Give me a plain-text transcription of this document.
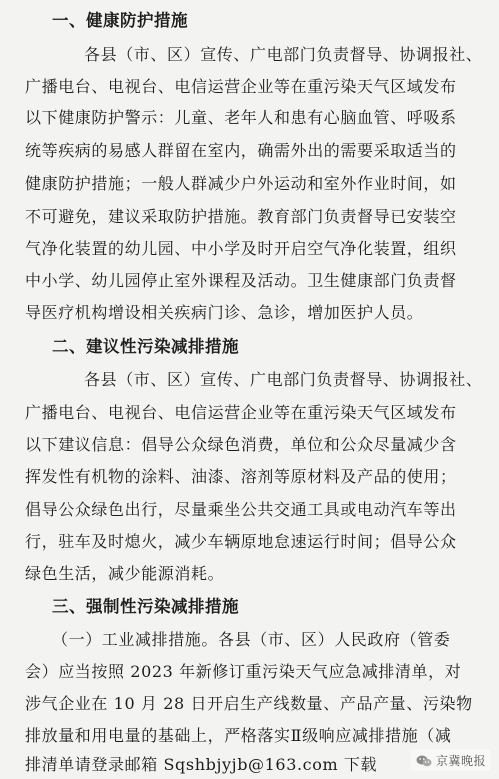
一、健康防护措施
各县（市、区）宣传、广电部门负责督导、协调报社、
广播电台、电视台、电信运营企业等在重污染天气区域发布
以下健康防护警示：儿童、老年人和患有心脑血管、呼吸系
统等疾病的易感人群留在室内，确需外出的需要采取适当的
健康防护措施；一般人群减少户外运动和室外作业时间，如
不可避免，建议采取防护措施。教育部门负责督导已安装空
气净化装置的幼儿园、中小学及时开启空气净化装置，组织
中小学、幼儿园停止室外课程及活动。卫生健康部门负责督
导医疗机构增设相关疾病门诊、急诊，增加医护人员。
二、建议性污染减排措施
各县（市、区）宣传、广电部门负责督导、协调报社、
广播电台、电视台、电信运营企业等在重污染天气区域发布
以下建议信息：倡导公众绿色消费，单位和公众尽量减少含
挥发性有机物的涂料、油漆、溶剂等原材料及产品的使用；
倡导公众绿色出行，尽量乘坐公共交通工具或电动汽车等出
行，驻车及时熄火，减少车辆原地怠速运行时间；倡导公众
绿色生活，减少能源消耗。
三、强制性污染减排措施
（一）工业减排措施。各县（市、区）人民政府（管委
会）应当按照 2023 年新修订重污染天气应急减排清单，对
涉气企业在 10 月 28 日开启生产线数量、产品产量、污染物
排放量和用电量的基础上，严格落实Ⅱ级响应减排措施（减
排清单请登录邮箱 Sqshbjyjb@163.com 下载	京冀晚报
